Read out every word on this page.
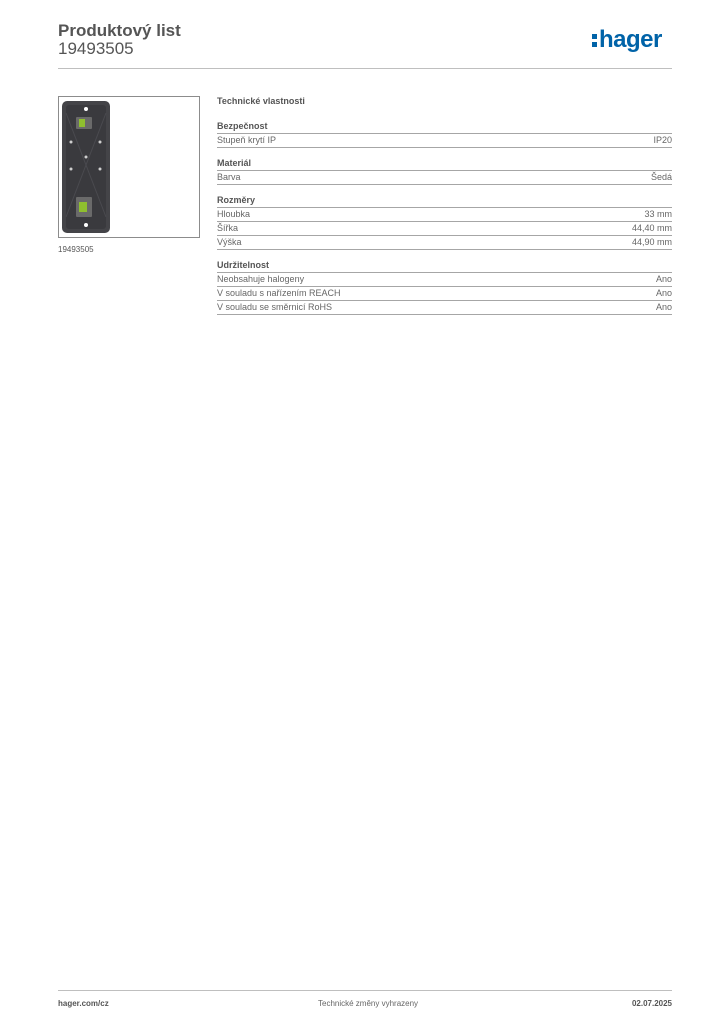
Produktový list
19493505	hager
19493505
Technické vlastnosti
Bezpečnost
Stupeň krytí IP	IP20
Materiál
Barva	Šedá
Rozměry
Hloubka	33 mm
Šířka	44,40 mm
Výška	44,90 mm
Udržitelnost
Neobsahuje halogeny	Ano
V souladu s nařízením REACH	Ano
V souladu se směrnicí RoHS	Ano
hager.com/cz	Technické změny vyhrazeny	02.07.2025
